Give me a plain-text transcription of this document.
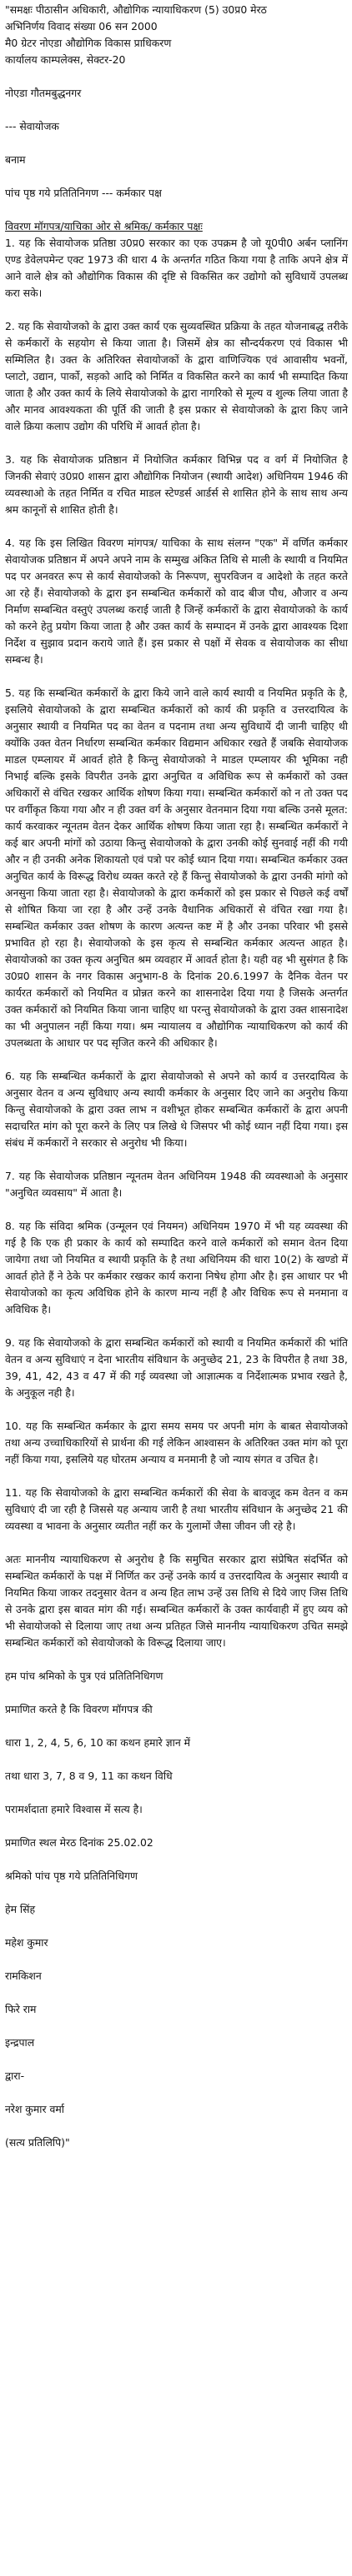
"समक्षः पीठासीन अधिकारी, औद्योगिक न्यायाधिकरण (5) उ0प्र0 मेरठ

अभिनिर्णय विवाद संख्या 06 सन 2000

मै0 ग्रेटर नोएडा औद्योगिक विकास प्राधिकरण

कार्यालय काम्पलेक्स, सेक्टर-20

नोएडा गौतमबुद्धनगर

--- सेवायोजक

बनाम

पांच पृष्ठ गये प्रतितिनिगण --- कर्मकार पक्ष

विवरण मॉगपत्र/याचिका ओर से श्रमिक/ कर्मकार पक्षः

1. यह कि सेवायोजक प्रतिष्ठा उ0प्र0 सरकार का एक उपक्रम है जो यू0पी0 अर्बन प्लानिंग एण्ड डेवेलपमेन्ट एक्ट 1973 की धारा 4 के अन्तर्गत गठित किया गया है ताकि अपने क्षेत्र में आने वाले क्षेत्र को औद्योगिक विकास की दृष्टि से विकसित कर उद्योगो को सुविधायें उपलब्ध करा सके।

2. यह कि सेवायोजको के द्वारा उक्त कार्य एक सुव्यवस्थित प्रक्रिया के तहत योजनाबद्ध तरीके से कर्मकारों के सहयोग से किया जाता है। जिसमें क्षेत्र का सौन्दर्यकरण एवं विकास भी सम्मिलित है। उक्त के अतिरिक्त सेवायोजकों के द्वारा वाणिज्यिक एवं आवासीय भवनों, प्लाटो, उद्यान, पार्को, सड़को आदि को निर्मित व विकसित करने का कार्य भी सम्पादित किया जाता है और उक्त कार्य के लिये सेवायोजको के द्वारा नागरिको से मूल्य व शुल्क लिया जाता है और मानव आवश्यकता की पूर्ति की जाती है इस प्रकार से सेवायोजको के द्वारा किए जाने वाले क्रिया कलाप उद्योग की परिधि में आवर्त होता है।

3. यह कि सेवायोजक प्रतिष्ठान में नियोजित कर्मकार विभिन्न पद व वर्ग में नियोजित है जिनकी सेवाएं उ0प्र0 शासन द्वारा औद्योगिक नियोजन (स्थायी आदेश) अधिनियम 1946 की व्यवस्थाओ के तहत निर्मित व रचित माडल स्टेण्डर्स आर्डर्स से शासित होने के साथ साथ अन्य श्रम कानूनों से शासित होती है।

4. यह कि इस लिखित विवरण मांगपत्र/ याचिका के साथ संलग्न "एक" में वर्णित कर्मकार सेवायोजक प्रतिष्ठान में अपने अपने नाम के सम्मुख अंकित तिथि से माली के स्थायी व नियमित पद पर अनवरत रूप से कार्य सेवायोजको के निरूपण, सुपरविजन व आदेशो के तहत करते आ रहे हैं। सेवायोजको के द्वारा इन सम्बन्धित कर्मकारों को वाद बीज पौध, औजार व अन्य निर्माण सम्बन्धित वस्तुएं उपलब्ध कराई जाती है जिन्हें कर्मकारों के द्वारा सेवायोजको के कार्य को करने हेतु प्रयोग किया जाता है और उक्त कार्य के सम्पादन में उनके द्वारा आवश्यक दिशा निर्देश व सुझाव प्रदान कराये जाते हैं। इस प्रकार से पक्षों में सेवक व सेवायोजक का सीधा सम्बन्ध है।

5. यह कि सम्बन्धित कर्मकारों के द्वारा किये जाने वाले कार्य स्थायी व नियमित प्रकृति के है, इसलिये सेवायोजको के द्वारा सम्बन्धित कर्मकारों को कार्य की प्रकृति व उत्तरदायित्व के अनुसार स्थायी व नियमित पद का वेतन व पदनाम तथा अन्य सुविधायें दी जानी चाहिए थी क्योंकि उक्त वेतन निर्धारण सम्बन्धित कर्मकार विद्यमान अधिकार रखते हैं जबकि सेवायोजक माडल एम्प्लायर में आवर्त होते है किन्तु सेवायोजको ने माडल एम्प्लायर की भूमिका नही निभाई बल्कि इसके विपरीत उनके द्वारा अनुचित व अविधिक रूप से कर्मकारों को उक्त अधिकारों से वंचित रखकर आर्थिक शोषण किया गया। सम्बन्धित कर्मकारों को न तो उक्त पद पर वर्गीकृत किया गया और न ही उक्त वर्ग के अनुसार वेतनमान दिया गया बल्कि उनसे मूलत: कार्य करवाकर न्यूनतम वेतन देकर आर्थिक शोषण किया जाता रहा है। सम्बन्धित कर्मकारों ने कई बार अपनी मांगों को उठाया किन्तु सेवायोजको के द्वारा उनकी कोई सुनवाई नहीं की गयी और न ही उनकी अनेक शिकायतो एवं पत्रो पर कोई ध्यान दिया गया। सम्बन्धित कर्मकार उक्त अनुचित कार्य के विरूद्ध विरोध व्यक्त करते रहे हैं किन्तु सेवायोजको के द्वारा उनकी मांगो को अनसुना किया जाता रहा है। सेवायोजको के द्वारा कर्मकारों को इस प्रकार से पिछले कई वर्षों से शोषित किया जा रहा है और उन्हें उनके वैधानिक अधिकारों से वंचित रखा गया है। सम्बन्धित कर्मकार उक्त शोषण के कारण अत्यन्त कष्ट में है और उनका परिवार भी इससे प्रभावित हो रहा है। सेवायोजको के इस कृत्य से सम्बन्धित कर्मकार अत्यन्त आहत है। सेवायोजको का उक्त कृत्य अनुचित श्रम व्यवहार में आवर्त होता है। यही वह भी सुसंगत है कि उ0प्र0 शासन के नगर विकास अनुभाग-8 के दिनांक 20.6.1997 के दैनिक वेतन पर कार्यरत कर्मकारों को नियमित व प्रोन्नत करने का शासनादेश दिया गया है जिसके अन्तर्गत उक्त कर्मकारों को नियमित किया जाना चाहिए था परन्तु सेवायोजको के द्वारा उक्त शासनादेश का भी अनुपालन नहीं किया गया। श्रम न्यायालय व औद्योगिक न्यायाधिकरण को कार्य की उपलब्धता के आधार पर पद सृजित करने की अधिकार है।

6. यह कि सम्बन्धित कर्मकारों के द्वारा सेवायोजको से अपने को कार्य व उत्तरदायित्व के अनुसार वेतन व अन्य सुविधाए अन्य स्थायी कर्मकार के अनुसार दिए जाने का अनुरोध किया किन्तु सेवायोजको के द्वारा उक्त लाभ न वशीभूत होकर सम्बन्धित कर्मकारों के द्वारा अपनी सदाचरित मांग को पूरा करने के लिए पत्र लिखे थे जिसपर भी कोई ध्यान नहीं दिया गया। इस संबंध में कर्मकारों ने सरकार से अनुरोध भी किया।

7. यह कि सेवायोजक प्रतिष्ठान न्यूनतम वेतन अधिनियम 1948 की व्यवस्थाओ के अनुसार "अनुचित व्यवसाय" में आता है।

8. यह कि संविदा श्रमिक (उन्मूलन एवं नियमन) अधिनियम 1970 में भी यह व्यवस्था की गई है कि एक ही प्रकार के कार्य को सम्पादित करने वाले कर्मकारों को समान वेतन दिया जायेगा तथा जो नियमित व स्थायी प्रकृति के है तथा अधिनियम की धारा 10(2) के खण्डो में आवर्त होते हैं ने ठेके पर कर्मकार रखकर कार्य कराना निषेध होगा और है। इस आधार पर भी सेवायोजको का कृत्य अविधिक होने के कारण मान्य नहीं है और विधिक रूप से मनमाना व अविधिक है।

9. यह कि सेवायोजको के द्वारा सम्बन्धित कर्मकारों को स्थायी व नियमित कर्मकारों की भांति वेतन व अन्य सुविधाएं न देना भारतीय संविधान के अनुच्छेद 21, 23 के विपरीत है तथा 38, 39, 41, 42, 43 व 47 में की गई व्यवस्था जो आज्ञात्मक व निर्देशात्मक प्रभाव रखते है, के अनुकूल नही है।

10. यह कि सम्बन्धित कर्मकार के द्वारा समय समय पर अपनी मांग के बाबत सेवायोजको तथा अन्य उच्चाधिकारियों से प्रार्थना की गई लेकिन आश्वासन के अतिरिक्त उक्त मांग को पूरा नहीं किया गया, इसलिये यह घोरतम अन्याय व मनमानी है जो न्याय संगत व उचित है।

11. यह कि सेवायोजको के द्वारा सम्बन्धित कर्मकारों की सेवा के बावजूद कम वेतन व कम सुविधाएं दी जा रही है जिससे यह अन्याय जारी है तथा भारतीय संविधान के अनुच्छेद 21 की व्यवस्था व भावना के अनुसार व्यतीत नहीं कर के गुलामों जैसा जीवन जी रहे है।

अतः माननीय न्यायाधिकरण से अनुरोध है कि समुचित सरकार द्वारा संप्रेषित संदर्भित को सम्बन्धित कर्मकारों के पक्ष में निर्णित कर उन्हें उनके कार्य व उत्तरदायित्व के अनुसार स्थायी व नियमित किया जाकर तदनुसार वेतन व अन्य हित लाभ उन्हें उस तिथि से दिये जाए जिस तिथि से उनके द्वारा इस बावत मांग की गई। सम्बन्धित कर्मकारों के उक्त कार्यवाही में हुए व्यय को भी सेवायोजको से दिलाया जाए तथा अन्य प्रतिहत जिसे माननीय न्यायाधिकरण उचित समझे सम्बन्धित कर्मकारों को सेवायोजको के विरूद्ध दिलाया जाए।

हम पांच श्रमिको के पुत्र एवं प्रतितिनिधिगण

प्रमाणित करते है कि विवरण मॉगपत्र की

धारा 1, 2, 4, 5, 6, 10 का कथन हमारे ज्ञान में

तथा धारा 3, 7, 8 व 9, 11 का कथन विधि

परामर्शदाता हमारे विश्वास में सत्य है।

प्रमाणित स्थल मेरठ दिनांक 25.02.02

श्रमिको पांच पृष्ठ गये प्रतितिनिधिगण

हेम सिंह

महेश कुमार

रामकिशन

फिरे राम

इन्द्रपाल

द्वारा-

नरेश कुमार वर्मा

(सत्य प्रतिलिपि)"
